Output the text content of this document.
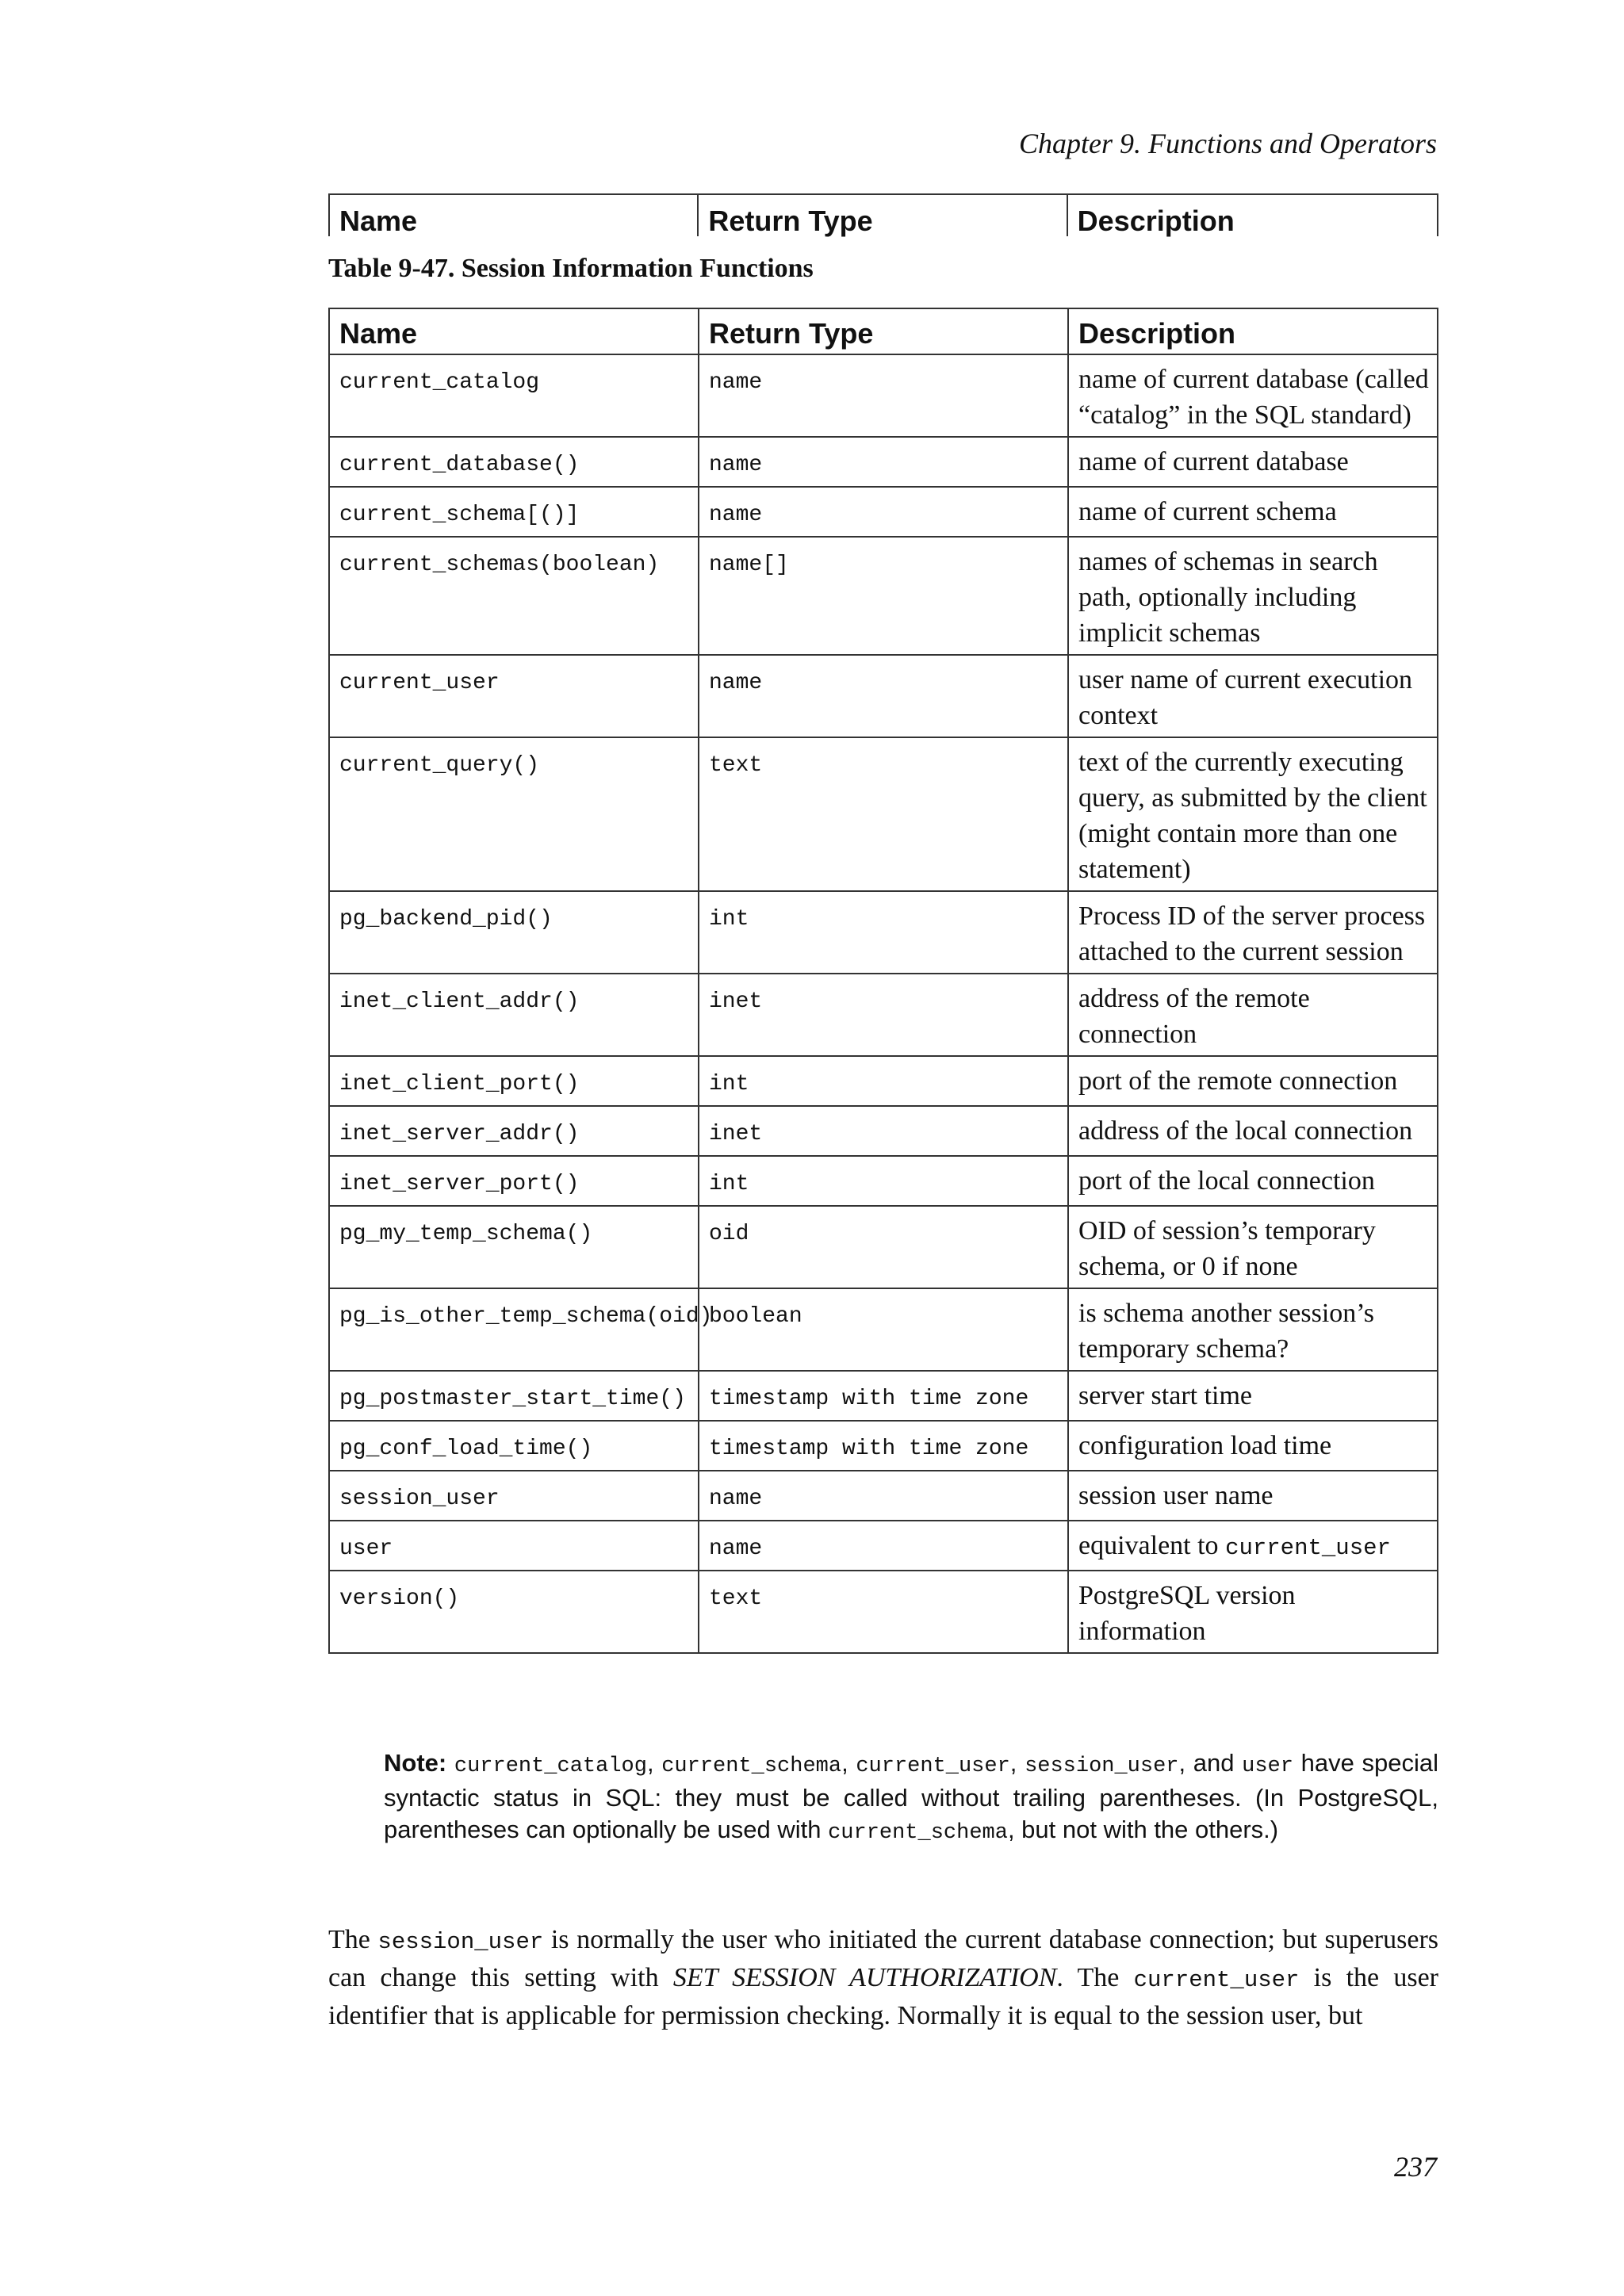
Chapter 9. Functions and Operators
Name	Return Type	Description
Table 9-47. Session Information Functions
Name	Return Type	Description
current_catalog	name	name of current database (called “catalog” in the SQL standard)
current_database()	name	name of current database
current_schema[()]	name	name of current schema
current_schemas(boolean)	name[]	names of schemas in search path, optionally including implicit schemas
current_user	name	user name of current execution context
current_query()	text	text of the currently executing query, as submitted by the client (might contain more than one statement)
pg_backend_pid()	int	Process ID of the server process attached to the current session
inet_client_addr()	inet	address of the remote connection
inet_client_port()	int	port of the remote connection
inet_server_addr()	inet	address of the local connection
inet_server_port()	int	port of the local connection
pg_my_temp_schema()	oid	OID of session’s temporary schema, or 0 if none
pg_is_other_temp_schema(oid)	boolean	is schema another session’s temporary schema?
pg_postmaster_start_time()	timestamp with time zone	server start time
pg_conf_load_time()	timestamp with time zone	configuration load time
session_user	name	session user name
user	name	equivalent to current_user
version()	text	PostgreSQL version information
Note: current_catalog, current_schema, current_user, session_user, and user have special syntactic status in SQL: they must be called without trailing parentheses. (In PostgreSQL, parentheses can optionally be used with current_schema, but not with the others.)
The session_user is normally the user who initiated the current database connection; but superusers can change this setting with SET SESSION AUTHORIZATION. The current_user is the user identifier that is applicable for permission checking. Normally it is equal to the session user, but
237
